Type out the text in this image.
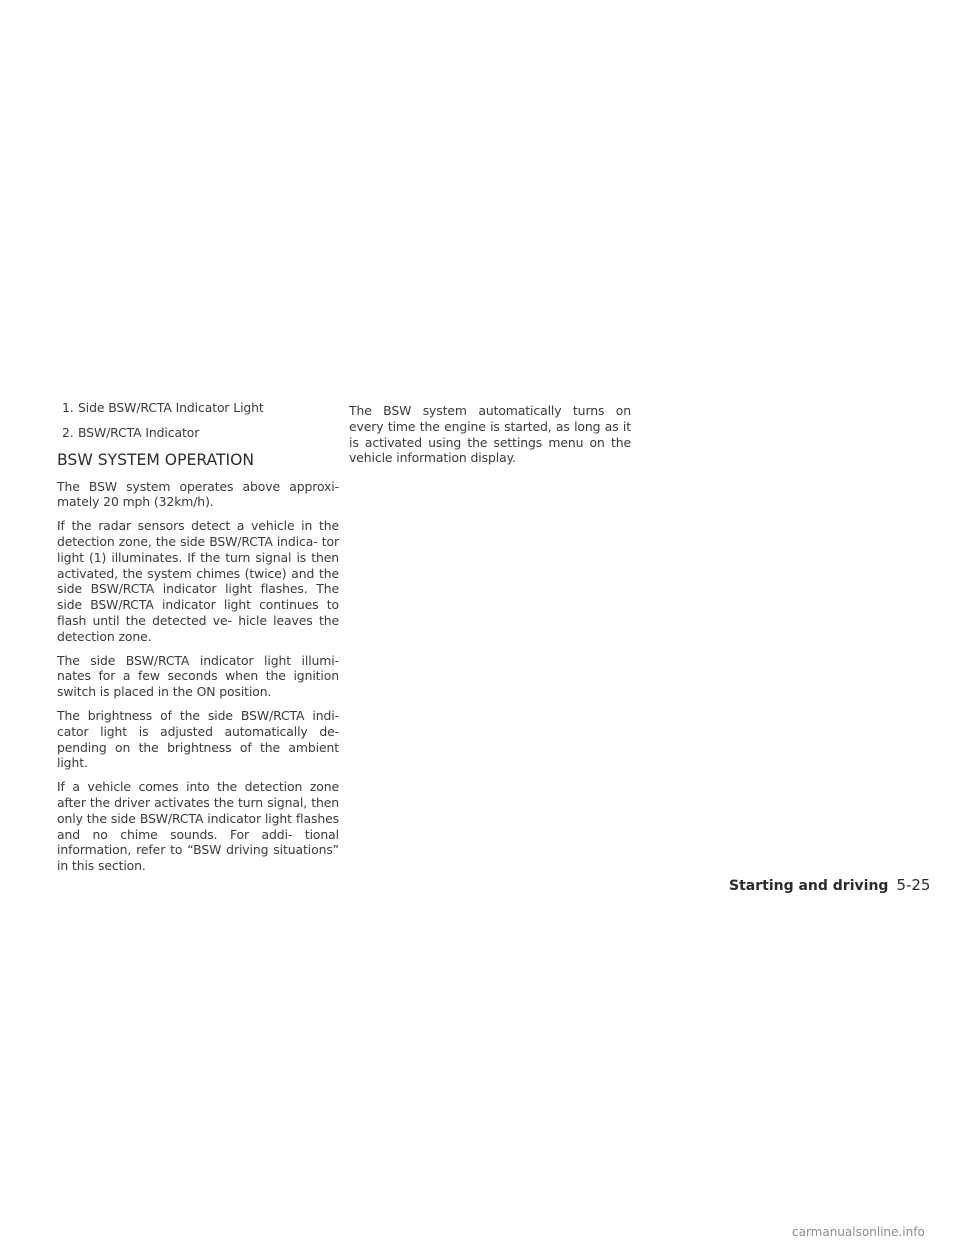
1. Side BSW/RCTA Indicator Light
2. BSW/RCTA Indicator
BSW SYSTEM OPERATION

The BSW system operates above approxi- mately 20 mph (32km/h).

If the radar sensors detect a vehicle in the detection zone, the side BSW/RCTA indica- tor light (1) illuminates. If the turn signal is then activated, the system chimes (twice) and the side BSW/RCTA indicator light flashes. The side BSW/RCTA indicator light continues to flash until the detected ve- hicle leaves the detection zone.

The side BSW/RCTA indicator light illumi- nates for a few seconds when the ignition switch is placed in the ON position.

The brightness of the side BSW/RCTA indi- cator light is adjusted automatically de- pending on the brightness of the ambient light.

If a vehicle comes into the detection zone after the driver activates the turn signal, then only the side BSW/RCTA indicator light flashes and no chime sounds. For addi- tional information, refer to “BSW driving situations” in this section.

The BSW system automatically turns on every time the engine is started, as long as it is activated using the settings menu on the vehicle information display.

Starting and driving 5-25
carmanualsonline.info
